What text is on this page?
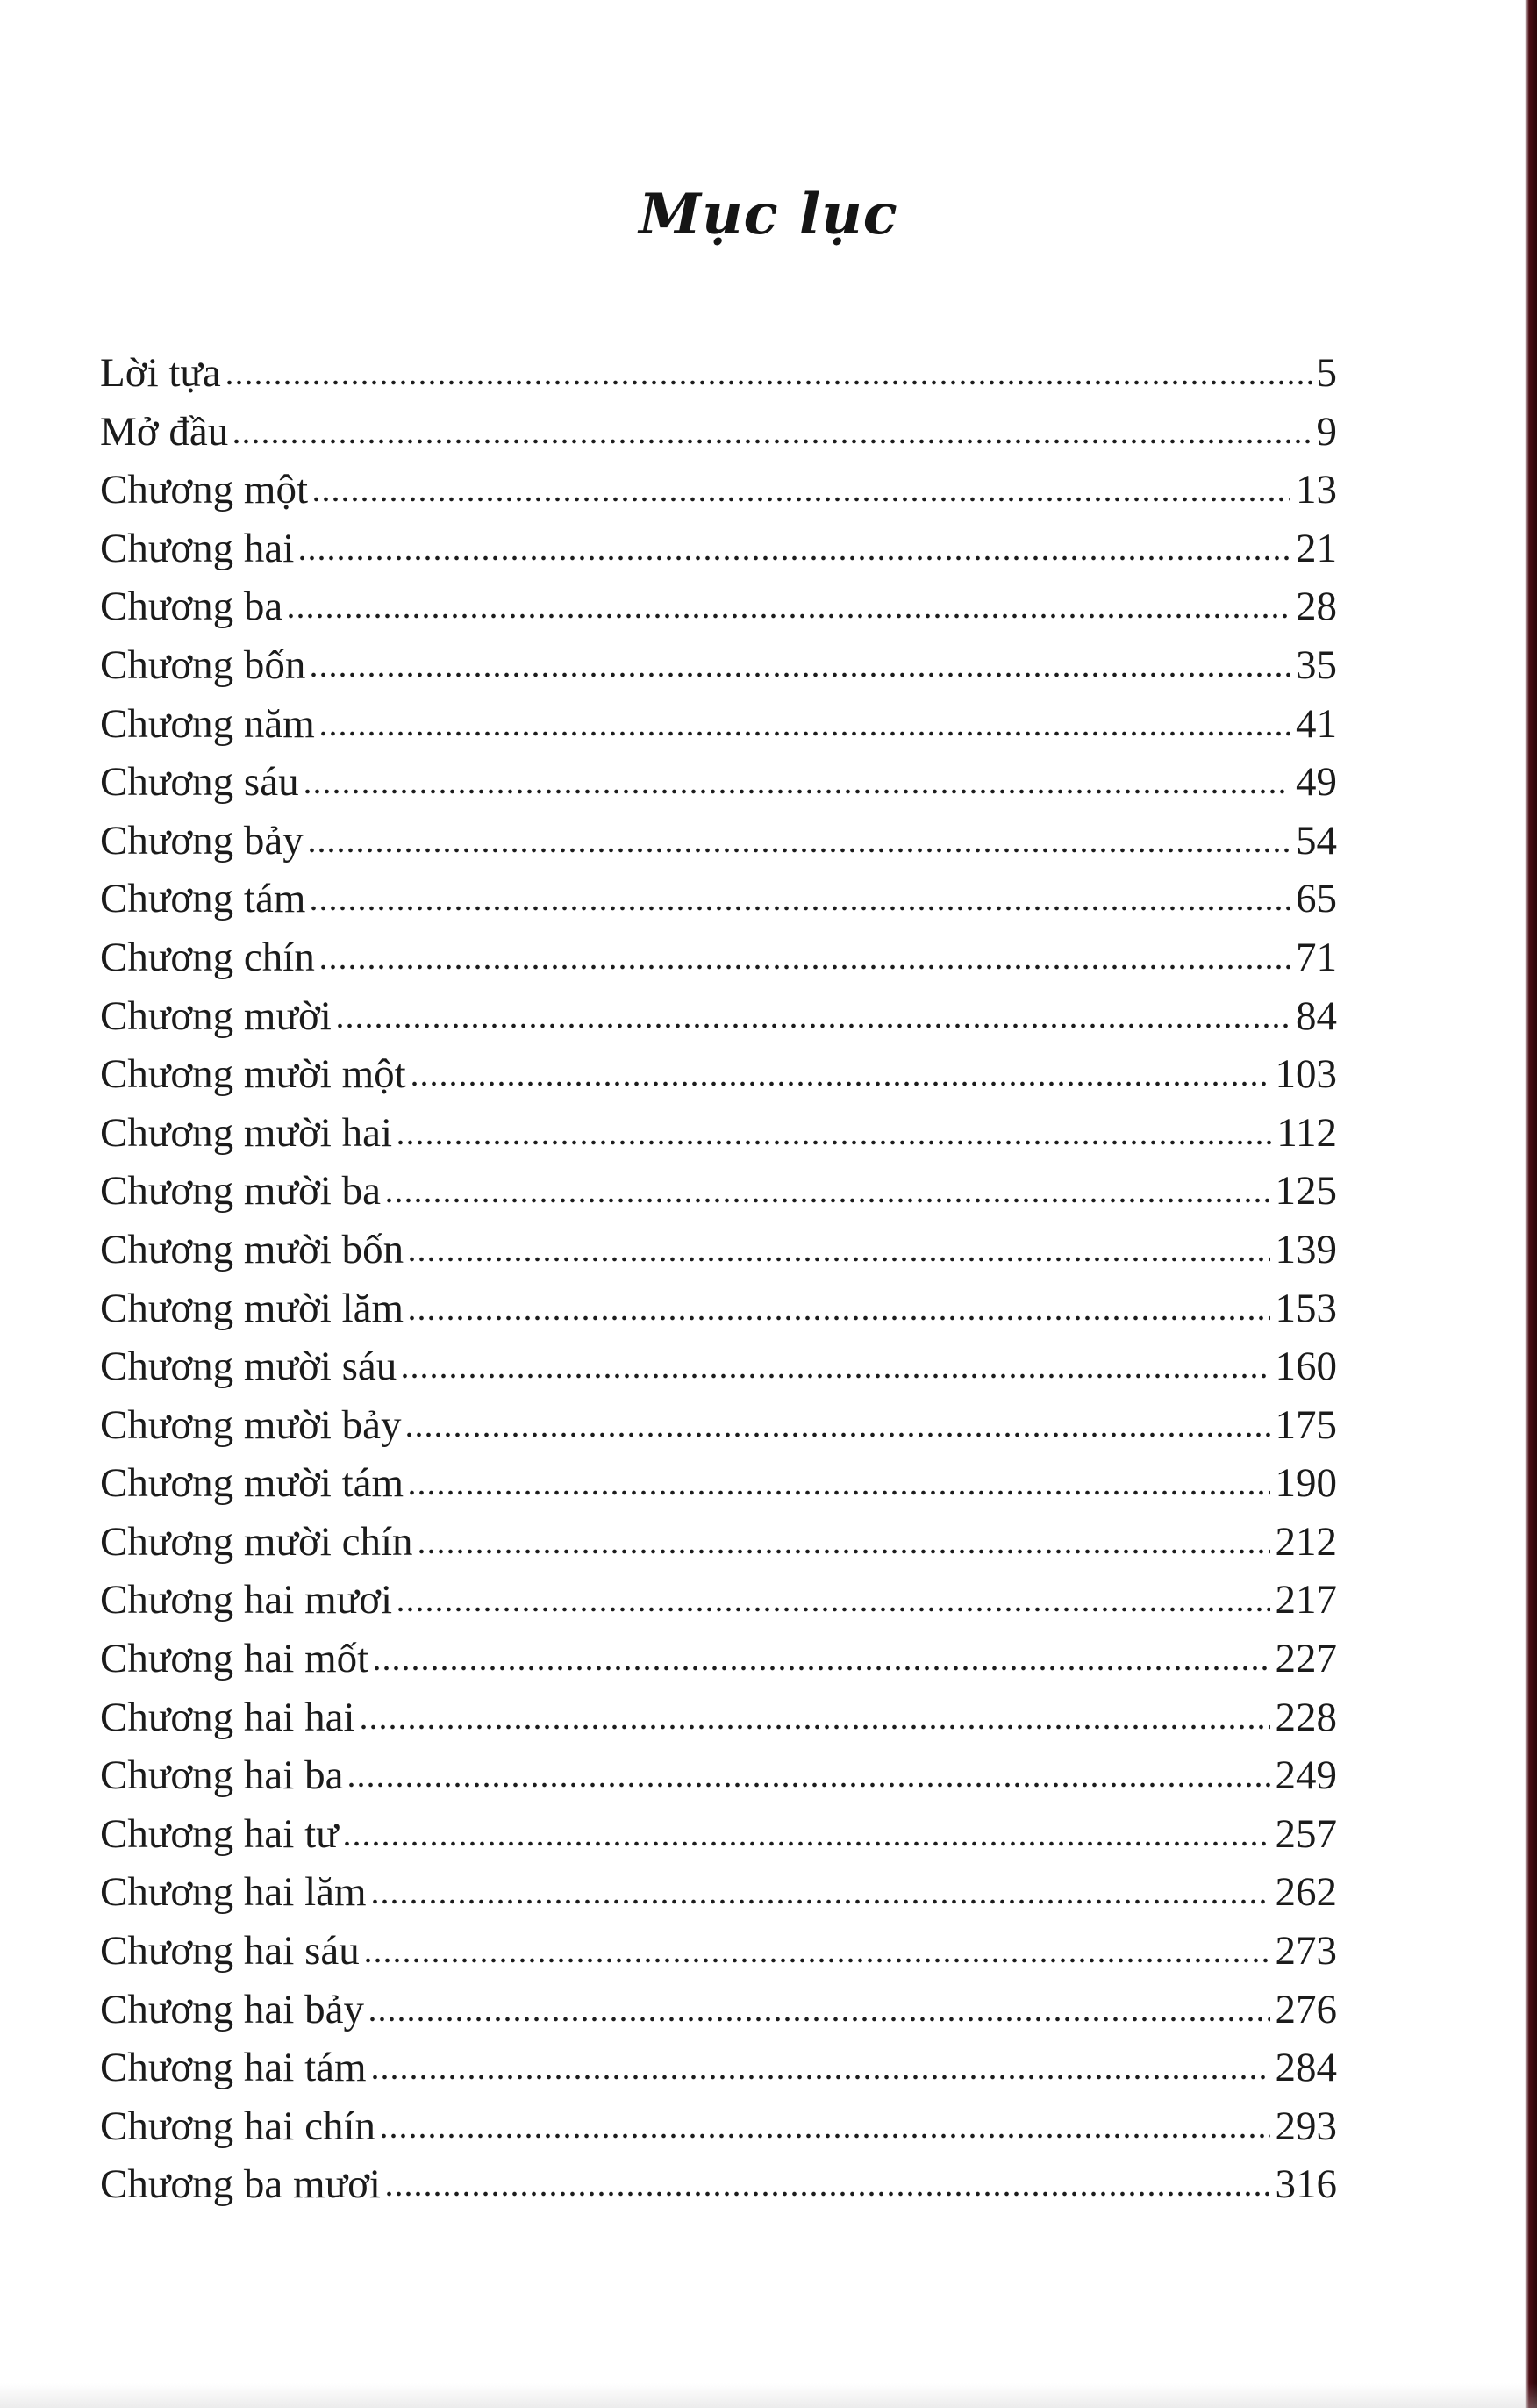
Mục lục
Lời tựa	5
Mở đầu	9
Chương một	13
Chương hai	21
Chương ba	28
Chương bốn	35
Chương năm	41
Chương sáu	49
Chương bảy	54
Chương tám	65
Chương chín	71
Chương mười	84
Chương mười một	103
Chương mười hai	112
Chương mười ba	125
Chương mười bốn	139
Chương mười lăm	153
Chương mười sáu	160
Chương mười bảy	175
Chương mười tám	190
Chương mười chín	212
Chương hai mươi	217
Chương hai mốt	227
Chương hai hai	228
Chương hai ba	249
Chương hai tư	257
Chương hai lăm	262
Chương hai sáu	273
Chương hai bảy	276
Chương hai tám	284
Chương hai chín	293
Chương ba mươi	316
